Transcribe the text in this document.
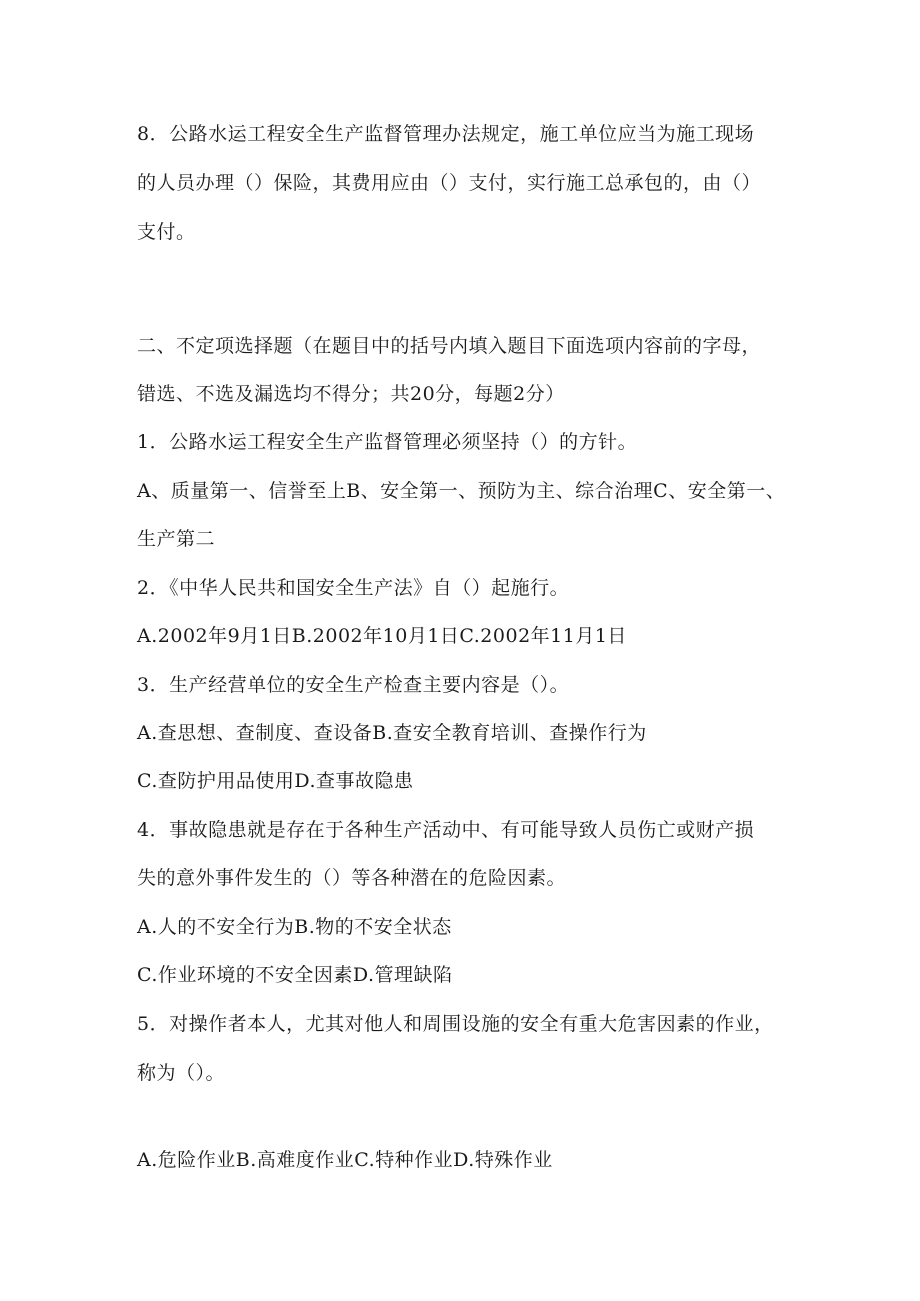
8．公路水运工程安全生产监督管理办法规定，施工单位应当为施工现场
的人员办理（）保险，其费用应由（）支付，实行施工总承包的，由（）
支付。
二、不定项选择题（在题目中的括号内填入题目下面选项内容前的字母，
错选、不选及漏选均不得分；共20分，每题2分）
1．公路水运工程安全生产监督管理必须坚持（）的方针。
A、质量第一、信誉至上B、安全第一、预防为主、综合治理C、安全第一、
生产第二
2．《中华人民共和国安全生产法》自（）起施行。
A.2002年9月1日B.2002年10月1日C.2002年11月1日
3．生产经营单位的安全生产检查主要内容是（）。
A.查思想、查制度、查设备B.查安全教育培训、查操作行为
C.查防护用品使用D.查事故隐患
4．事故隐患就是存在于各种生产活动中、有可能导致人员伤亡或财产损
失的意外事件发生的（）等各种潜在的危险因素。
A.人的不安全行为B.物的不安全状态
C.作业环境的不安全因素D.管理缺陷
5．对操作者本人，尤其对他人和周围设施的安全有重大危害因素的作业，
称为（）。
A.危险作业B.高难度作业C.特种作业D.特殊作业
